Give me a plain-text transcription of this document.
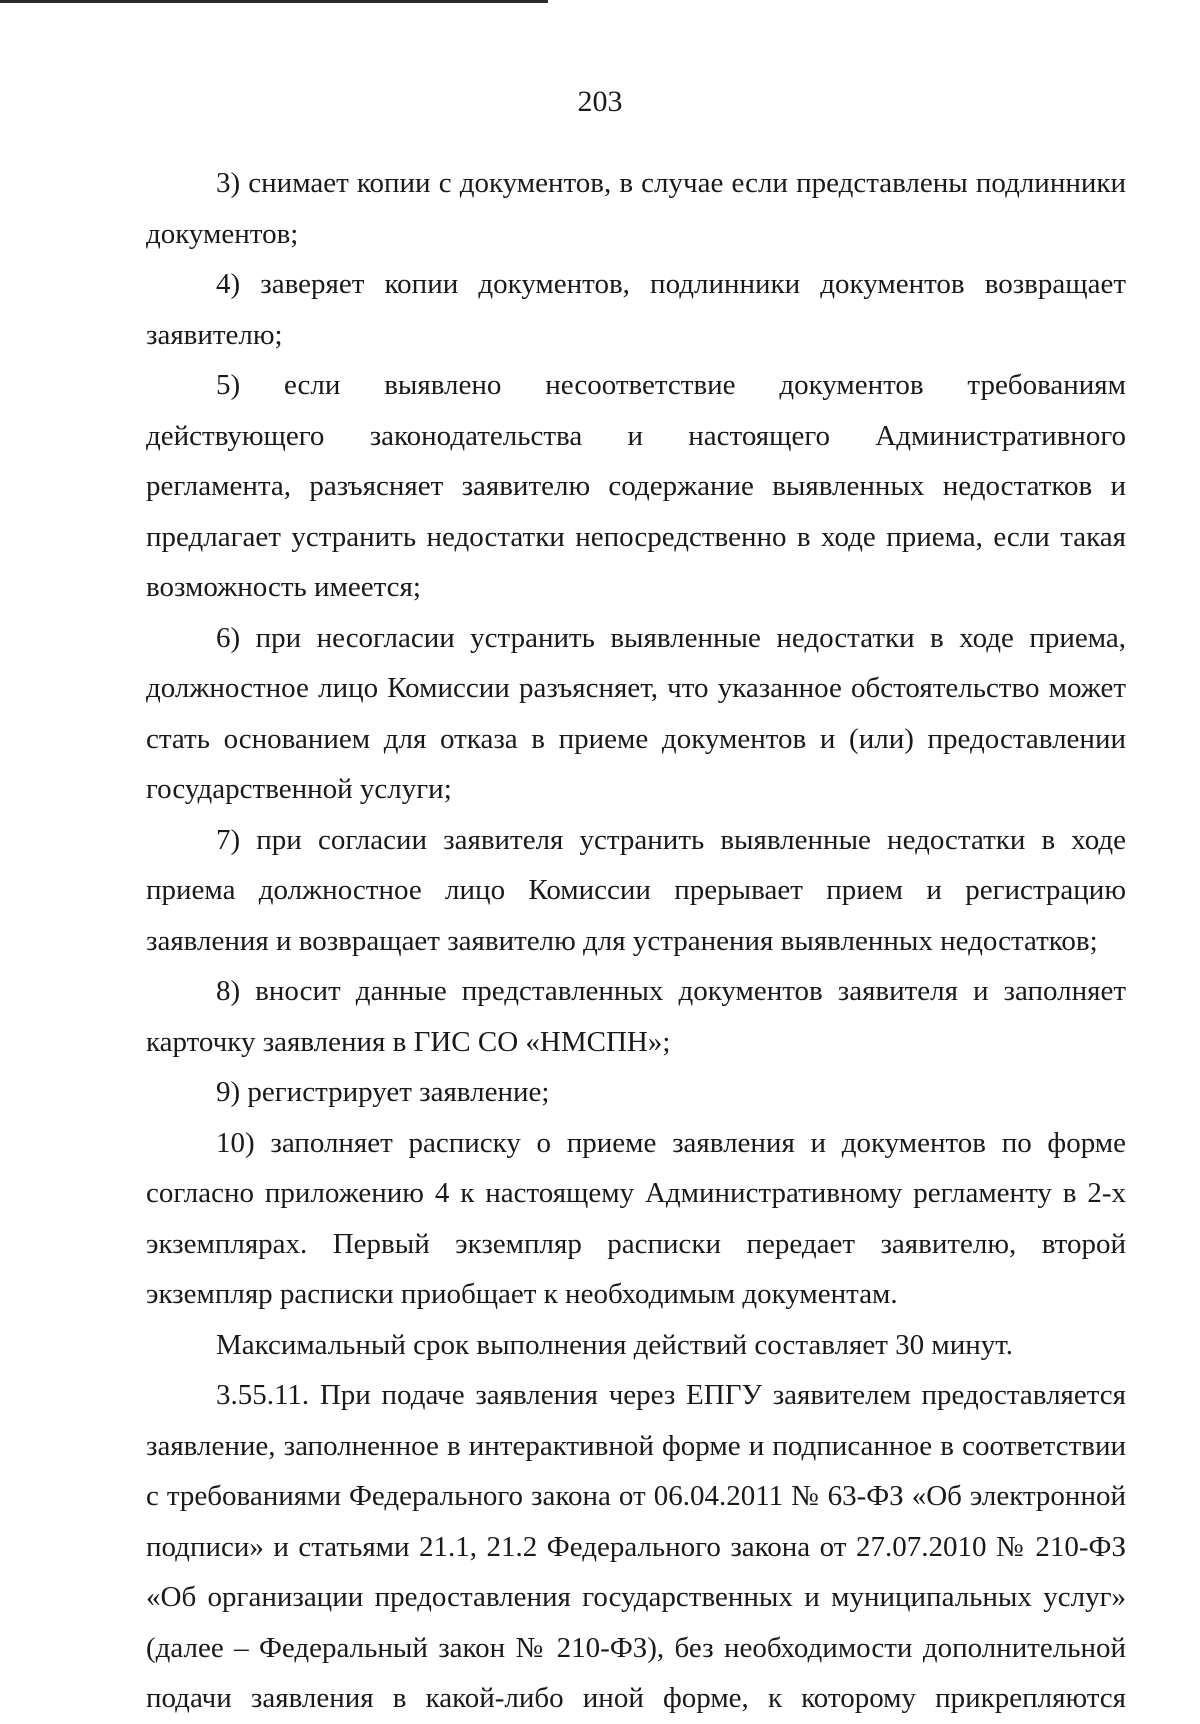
203

3) снимает копии с документов, в случае если представлены подлинники документов;

4) заверяет копии документов, подлинники документов возвращает заявителю;

5) если выявлено несоответствие документов требованиям действующего законодательства и настоящего Административного регламента, разъясняет заявителю содержание выявленных недостатков и предлагает устранить недостатки непосредственно в ходе приема, если такая возможность имеется;

6) при несогласии устранить выявленные недостатки в ходе приема, должностное лицо Комиссии разъясняет, что указанное обстоятельство может стать основанием для отказа в приеме документов и (или) предоставлении государственной услуги;

7) при согласии заявителя устранить выявленные недостатки в ходе приема должностное лицо Комиссии прерывает прием и регистрацию заявления и возвращает заявителю для устранения выявленных недостатков;

8) вносит данные представленных документов заявителя и заполняет карточку заявления в ГИС СО «НМСПН»;

9) регистрирует заявление;

10) заполняет расписку о приеме заявления и документов по форме согласно приложению 4 к настоящему Административному регламенту в 2-х экземплярах. Первый экземпляр расписки передает заявителю, второй экземпляр расписки приобщает к необходимым документам.

Максимальный срок выполнения действий составляет 30 минут.

3.55.11. При подаче заявления через ЕПГУ заявителем предоставляется заявление, заполненное в интерактивной форме и подписанное в соответствии с требованиями Федерального закона от 06.04.2011 № 63-ФЗ «Об электронной подписи» и статьями 21.1, 21.2 Федерального закона от 27.07.2010 № 210-ФЗ «Об организации предоставления государственных и муниципальных услуг» (далее – Федеральный закон № 210-ФЗ), без необходимости дополнительной подачи заявления в какой-либо иной форме, к которому прикрепляются
